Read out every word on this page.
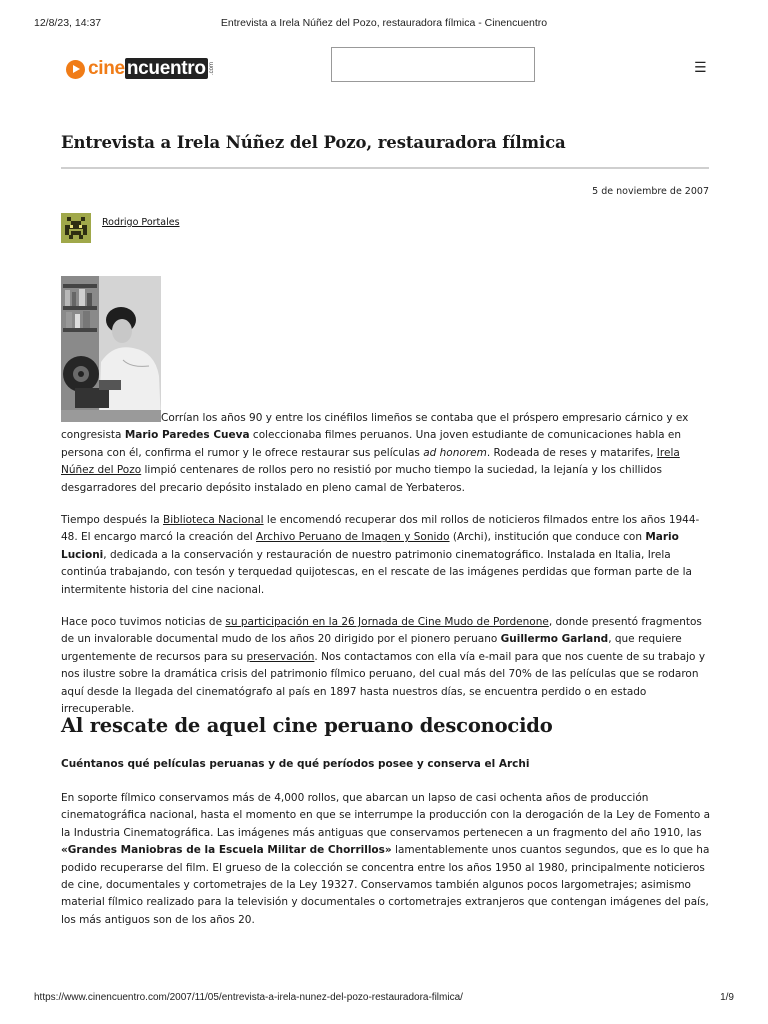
12/8/23, 14:37	Entrevista a Irela Núñez del Pozo, restauradora fílmica - Cinencuentro
cine ncuentro .com	☰
Entrevista a Irela Núñez del Pozo, restauradora fílmica
5 de noviembre de 2007
Rodrigo Portales

Corrían los años 90 y entre los cinéfilos limeños se contaba que el próspero empresario cárnico y ex congresista Mario Paredes Cueva coleccionaba filmes peruanos. Una joven estudiante de comunicaciones habla en persona con él, confirma el rumor y le ofrece restaurar sus películas ad honorem. Rodeada de reses y matarifes, Irela Núñez del Pozo limpió centenares de rollos pero no resistió por mucho tiempo la suciedad, la lejanía y los chillidos desgarradores del precario depósito instalado en pleno camal de Yerbateros.

Tiempo después la Biblioteca Nacional le encomendó recuperar dos mil rollos de noticieros filmados entre los años 1944-48. El encargo marcó la creación del Archivo Peruano de Imagen y Sonido (Archi), institución que conduce con Mario Lucioni, dedicada a la conservación y restauración de nuestro patrimonio cinematográfico. Instalada en Italia, Irela continúa trabajando, con tesón y terquedad quijotescas, en el rescate de las imágenes perdidas que forman parte de la intermitente historia del cine nacional.

Hace poco tuvimos noticias de su participación en la 26 Jornada de Cine Mudo de Pordenone, donde presentó fragmentos de un invalorable documental mudo de los años 20 dirigido por el pionero peruano Guillermo Garland, que requiere urgentemente de recursos para su preservación. Nos contactamos con ella vía e-mail para que nos cuente de su trabajo y nos ilustre sobre la dramática crisis del patrimonio fílmico peruano, del cual más del 70% de las películas que se rodaron aquí desde la llegada del cinematógrafo al país en 1897 hasta nuestros días, se encuentra perdido o en estado irrecuperable.

Al rescate de aquel cine peruano desconocido

Cuéntanos qué películas peruanas y de qué períodos posee y conserva el Archi

En soporte fílmico conservamos más de 4,000 rollos, que abarcan un lapso de casi ochenta años de producción cinematográfica nacional, hasta el momento en que se interrumpe la producción con la derogación de la Ley de Fomento a la Industria Cinematográfica. Las imágenes más antiguas que conservamos pertenecen a un fragmento del año 1910, las «Grandes Maniobras de la Escuela Militar de Chorrillos» lamentablemente unos cuantos segundos, que es lo que ha podido recuperarse del film. El grueso de la colección se concentra entre los años 1950 al 1980, principalmente noticieros de cine, documentales y cortometrajes de la Ley 19327. Conservamos también algunos pocos largometrajes; asimismo material fílmico realizado para la televisión y documentales o cortometrajes extranjeros que contengan imágenes del país, los más antiguos son de los años 20.

https://www.cinencuentro.com/2007/11/05/entrevista-a-irela-nunez-del-pozo-restauradora-filmica/	1/9
